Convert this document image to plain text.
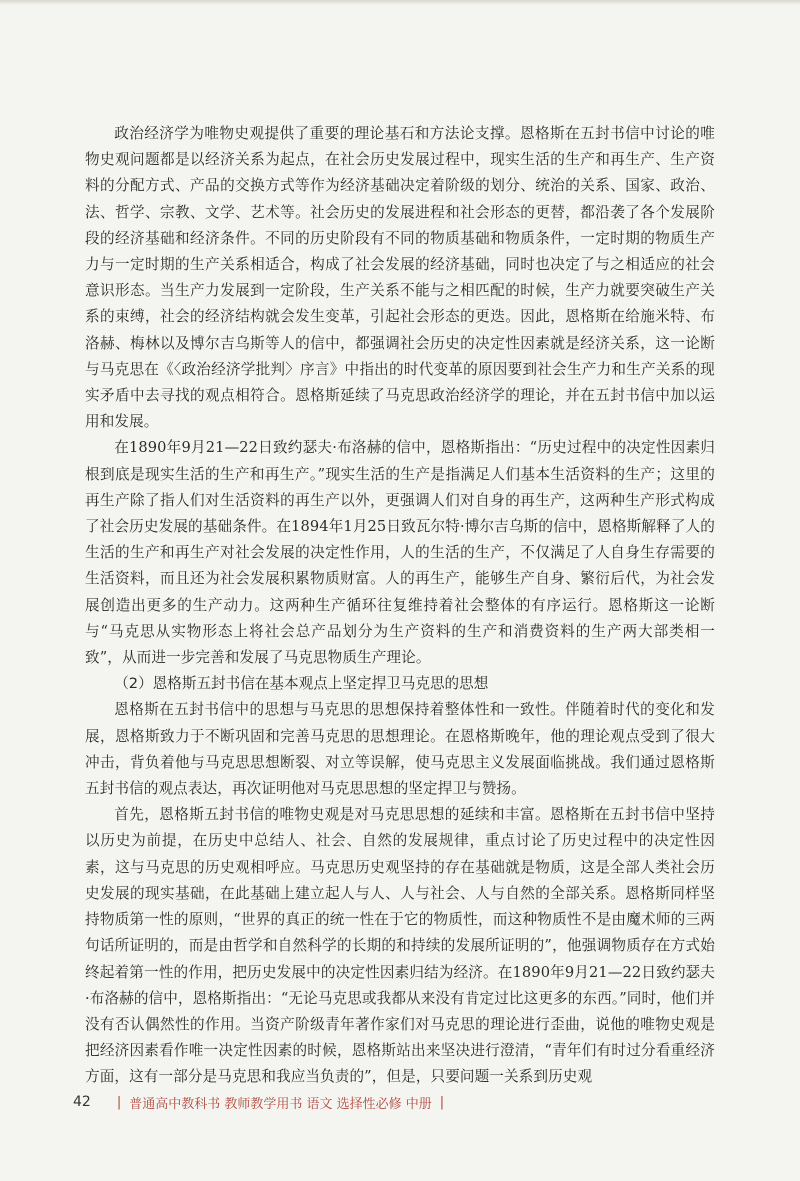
政治经济学为唯物史观提供了重要的理论基石和方法论支撑。恩格斯在五封书信中讨论的唯物史观问题都是以经济关系为起点，在社会历史发展过程中，现实生活的生产和再生产、生产资料的分配方式、产品的交换方式等作为经济基础决定着阶级的划分、统治的关系、国家、政治、法、哲学、宗教、文学、艺术等。社会历史的发展进程和社会形态的更替，都沿袭了各个发展阶段的经济基础和经济条件。不同的历史阶段有不同的物质基础和物质条件，一定时期的物质生产力与一定时期的生产关系相适合，构成了社会发展的经济基础，同时也决定了与之相适应的社会意识形态。当生产力发展到一定阶段，生产关系不能与之相匹配的时候，生产力就要突破生产关系的束缚，社会的经济结构就会发生变革，引起社会形态的更迭。因此，恩格斯在给施米特、布洛赫、梅林以及博尔吉乌斯等人的信中，都强调社会历史的决定性因素就是经济关系，这一论断与马克思在《〈政治经济学批判〉序言》中指出的时代变革的原因要到社会生产力和生产关系的现实矛盾中去寻找的观点相符合。恩格斯延续了马克思政治经济学的理论，并在五封书信中加以运用和发展。

在1890年9月21—22日致约瑟夫·布洛赫的信中，恩格斯指出：“历史过程中的决定性因素归根到底是现实生活的生产和再生产。”现实生活的生产是指满足人们基本生活资料的生产；这里的再生产除了指人们对生活资料的再生产以外，更强调人们对自身的再生产，这两种生产形式构成了社会历史发展的基础条件。在1894年1月25日致瓦尔特·博尔吉乌斯的信中，恩格斯解释了人的生活的生产和再生产对社会发展的决定性作用，人的生活的生产，不仅满足了人自身生存需要的生活资料，而且还为社会发展积累物质财富。人的再生产，能够生产自身、繁衍后代，为社会发展创造出更多的生产动力。这两种生产循环往复维持着社会整体的有序运行。恩格斯这一论断与“马克思从实物形态上将社会总产品划分为生产资料的生产和消费资料的生产两大部类相一致”，从而进一步完善和发展了马克思物质生产理论。

（2）恩格斯五封书信在基本观点上坚定捍卫马克思的思想

恩格斯在五封书信中的思想与马克思的思想保持着整体性和一致性。伴随着时代的变化和发展，恩格斯致力于不断巩固和完善马克思的思想理论。在恩格斯晚年，他的理论观点受到了很大冲击，背负着他与马克思思想断裂、对立等误解，使马克思主义发展面临挑战。我们通过恩格斯五封书信的观点表达，再次证明他对马克思思想的坚定捍卫与赞扬。

首先，恩格斯五封书信的唯物史观是对马克思思想的延续和丰富。恩格斯在五封书信中坚持以历史为前提，在历史中总结人、社会、自然的发展规律，重点讨论了历史过程中的决定性因素，这与马克思的历史观相呼应。马克思历史观坚持的存在基础就是物质，这是全部人类社会历史发展的现实基础，在此基础上建立起人与人、人与社会、人与自然的全部关系。恩格斯同样坚持物质第一性的原则，“世界的真正的统一性在于它的物质性，而这种物质性不是由魔术师的三两句话所证明的，而是由哲学和自然科学的长期的和持续的发展所证明的”，他强调物质存在方式始终起着第一性的作用，把历史发展中的决定性因素归结为经济。在1890年9月21—22日致约瑟夫·布洛赫的信中，恩格斯指出：“无论马克思或我都从来没有肯定过比这更多的东西。”同时，他们并没有否认偶然性的作用。当资产阶级青年著作家们对马克思的理论进行歪曲，说他的唯物史观是把经济因素看作唯一决定性因素的时候，恩格斯站出来坚决进行澄清，“青年们有时过分看重经济方面，这有一部分是马克思和我应当负责的”，但是，只要问题一关系到历史观

42 | 普通高中教科书 教师教学用书 语文 选择性必修 中册 |
